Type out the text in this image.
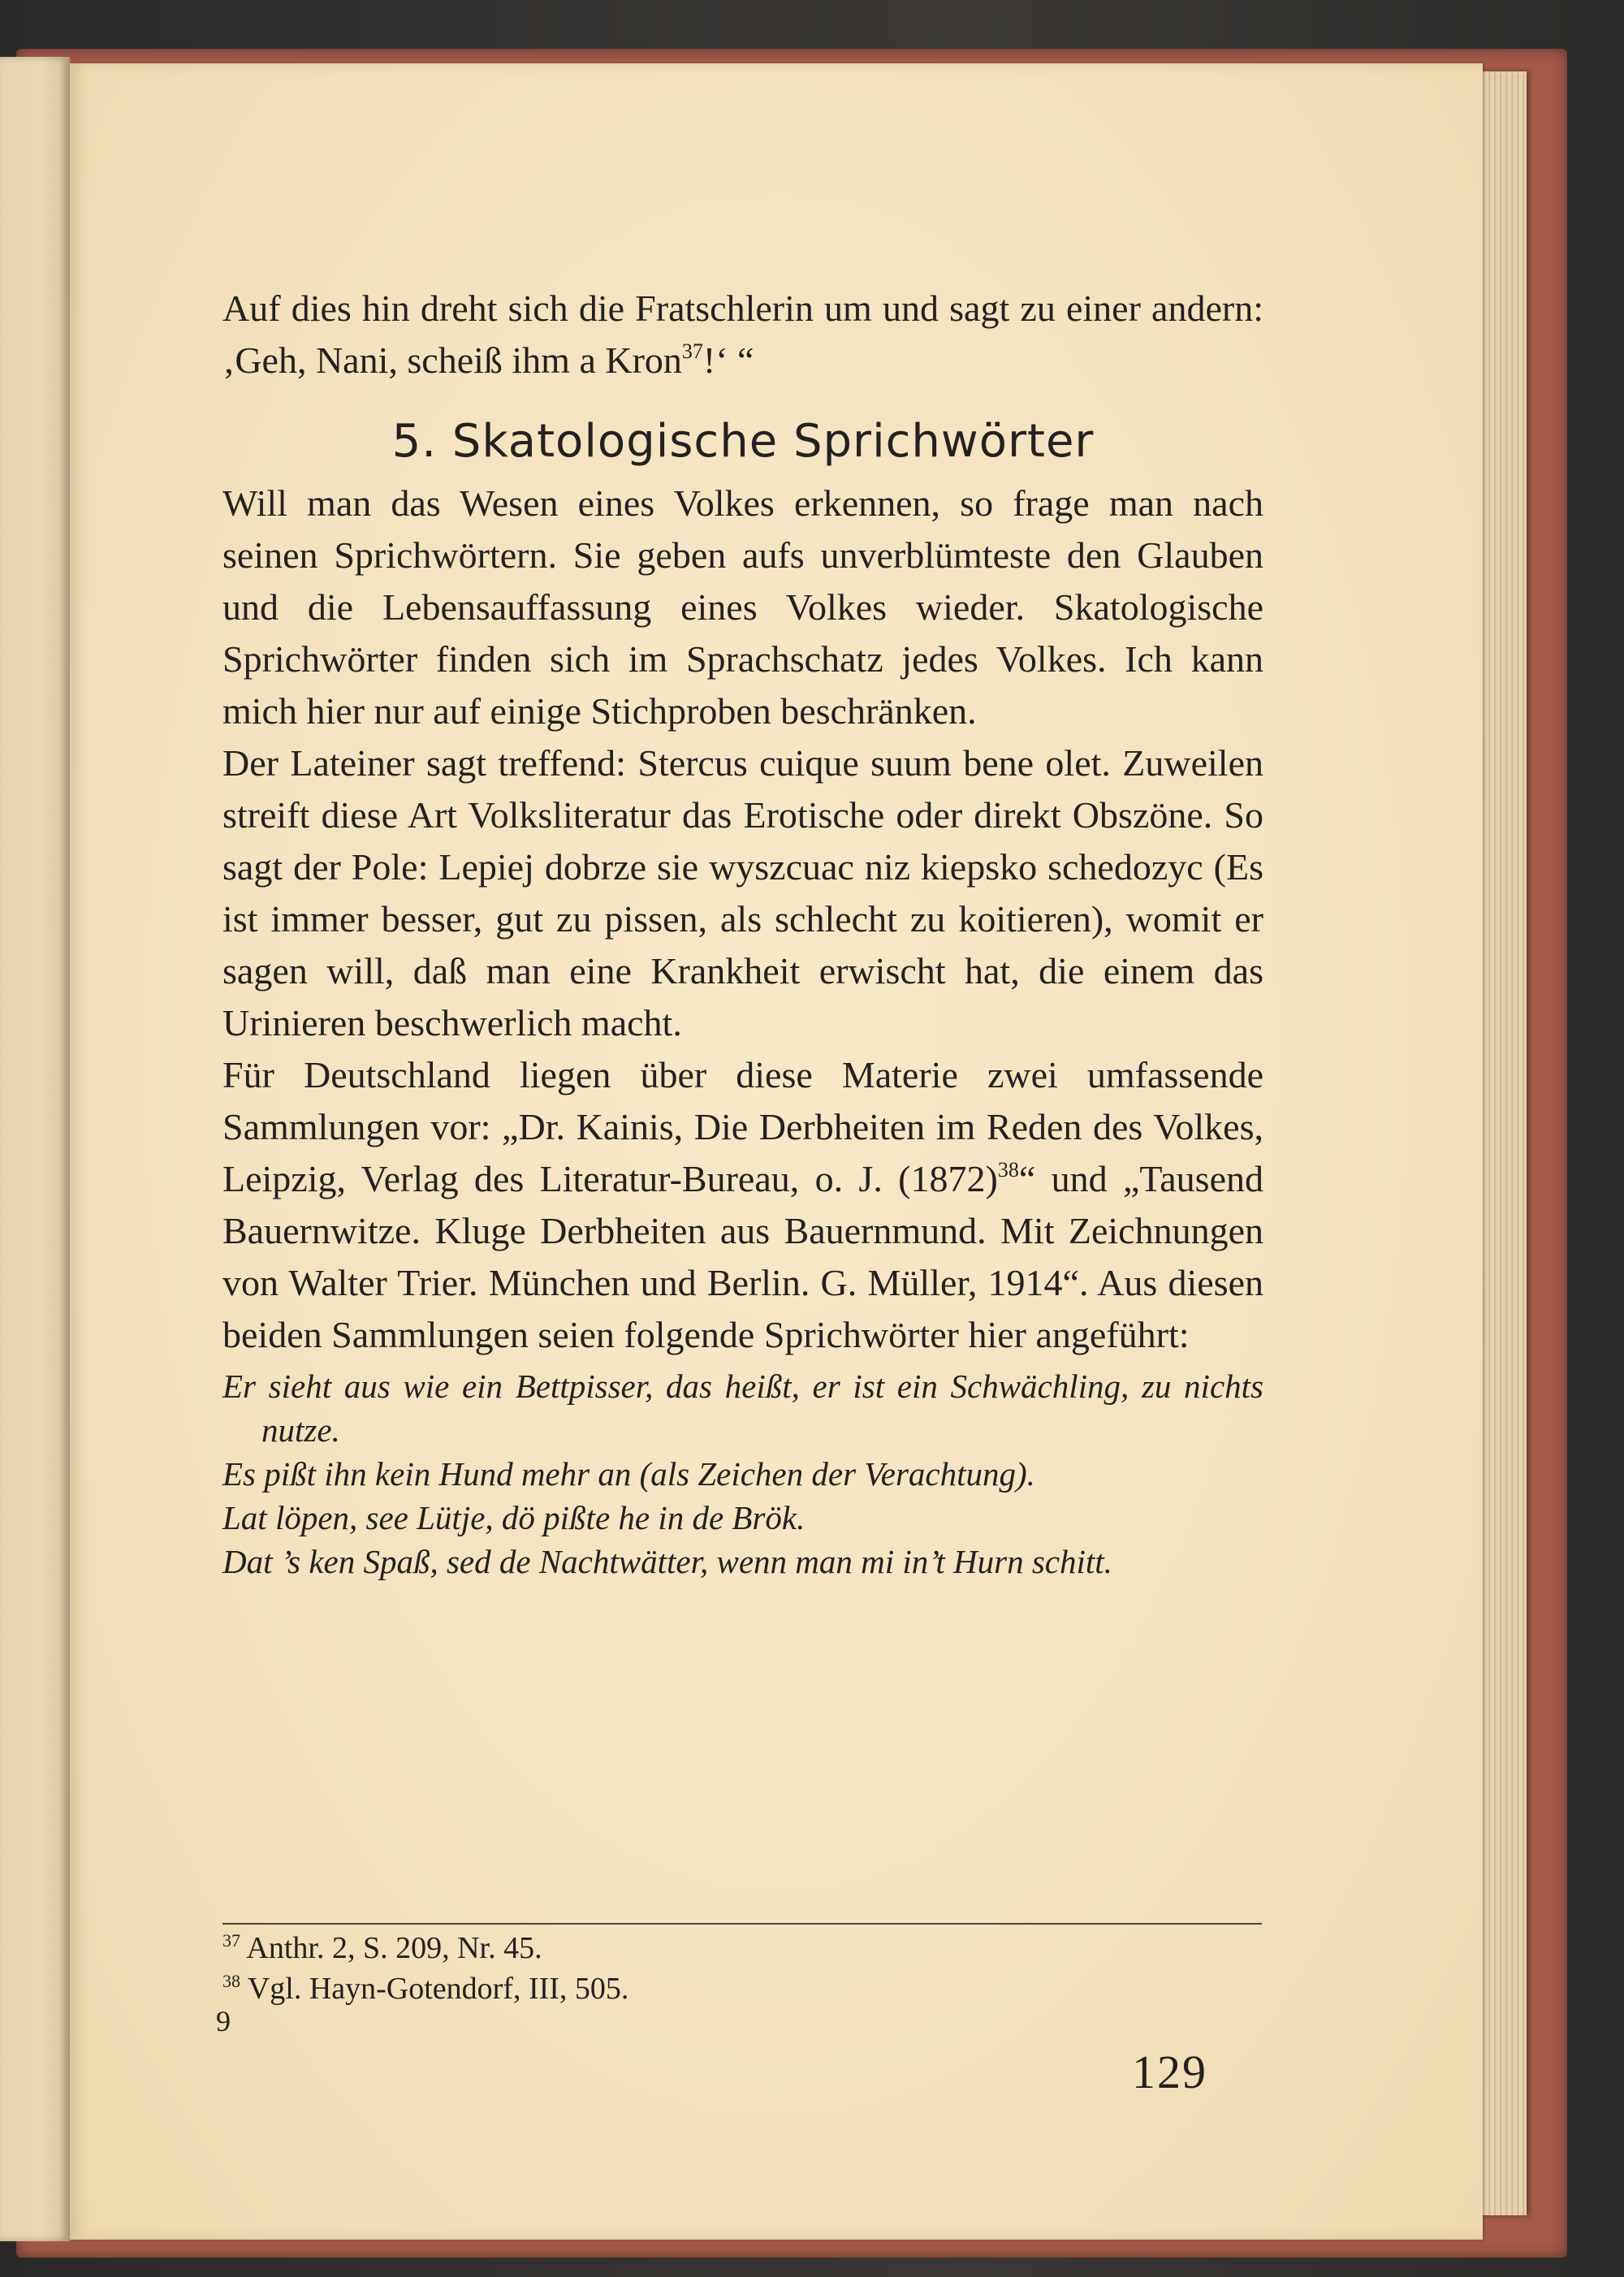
Auf dies hin dreht sich die Fratschlerin um und sagt zu einer andern: ‚Geh, Nani, scheiß ihm a Kron$^{37}$!‘ “

5. Skatologische Sprichwörter

Will man das Wesen eines Volkes erkennen, so frage man nach seinen Sprichwörtern. Sie geben aufs unverblümteste den Glauben und die Lebensauffassung eines Volkes wieder. Skatologische Sprichwörter finden sich im Sprachschatz jedes Volkes. Ich kann mich hier nur auf einige Stichproben beschränken.

Der Lateiner sagt treffend: Stercus cuique suum bene olet. Zuweilen streift diese Art Volksliteratur das Erotische oder direkt Obszöne. So sagt der Pole: Lepiej dobrze sie wyszcuac niz kiepsko schedozyc (Es ist immer besser, gut zu pissen, als schlecht zu koitieren), womit er sagen will, daß man eine Krankheit erwischt hat, die einem das Urinieren beschwerlich macht.

Für Deutschland liegen über diese Materie zwei umfassende Sammlungen vor: „Dr. Kainis, Die Derbheiten im Reden des Volkes, Leipzig, Verlag des Literatur-Bureau, o. J. $(1872)^{38}“$ und „Tausend Bauernwitze. Kluge Derbheiten aus Bauernmund. Mit Zeichnungen von Walter Trier. München und Berlin. G. Müller, 1914“. Aus diesen beiden Sammlungen seien folgende Sprichwörter hier angeführt:

Er sieht aus wie ein Bettpisser, das heißt, er ist ein Schwächling, zu nichts nutze.

Es pißt ihn kein Hund mehr an (als Zeichen der Verachtung).

Lat löpen, see Lütje, dö pißte he in de Brök.

Dat ’s ken Spaß, sed de Nachtwätter, wenn man mi in’t Hurn schitt.

$^{37}$ Anthr. 2, S. 209, Nr. 45.

$^{38}$ Vgl. Hayn-Gotendorf, III, 505.

9
129
